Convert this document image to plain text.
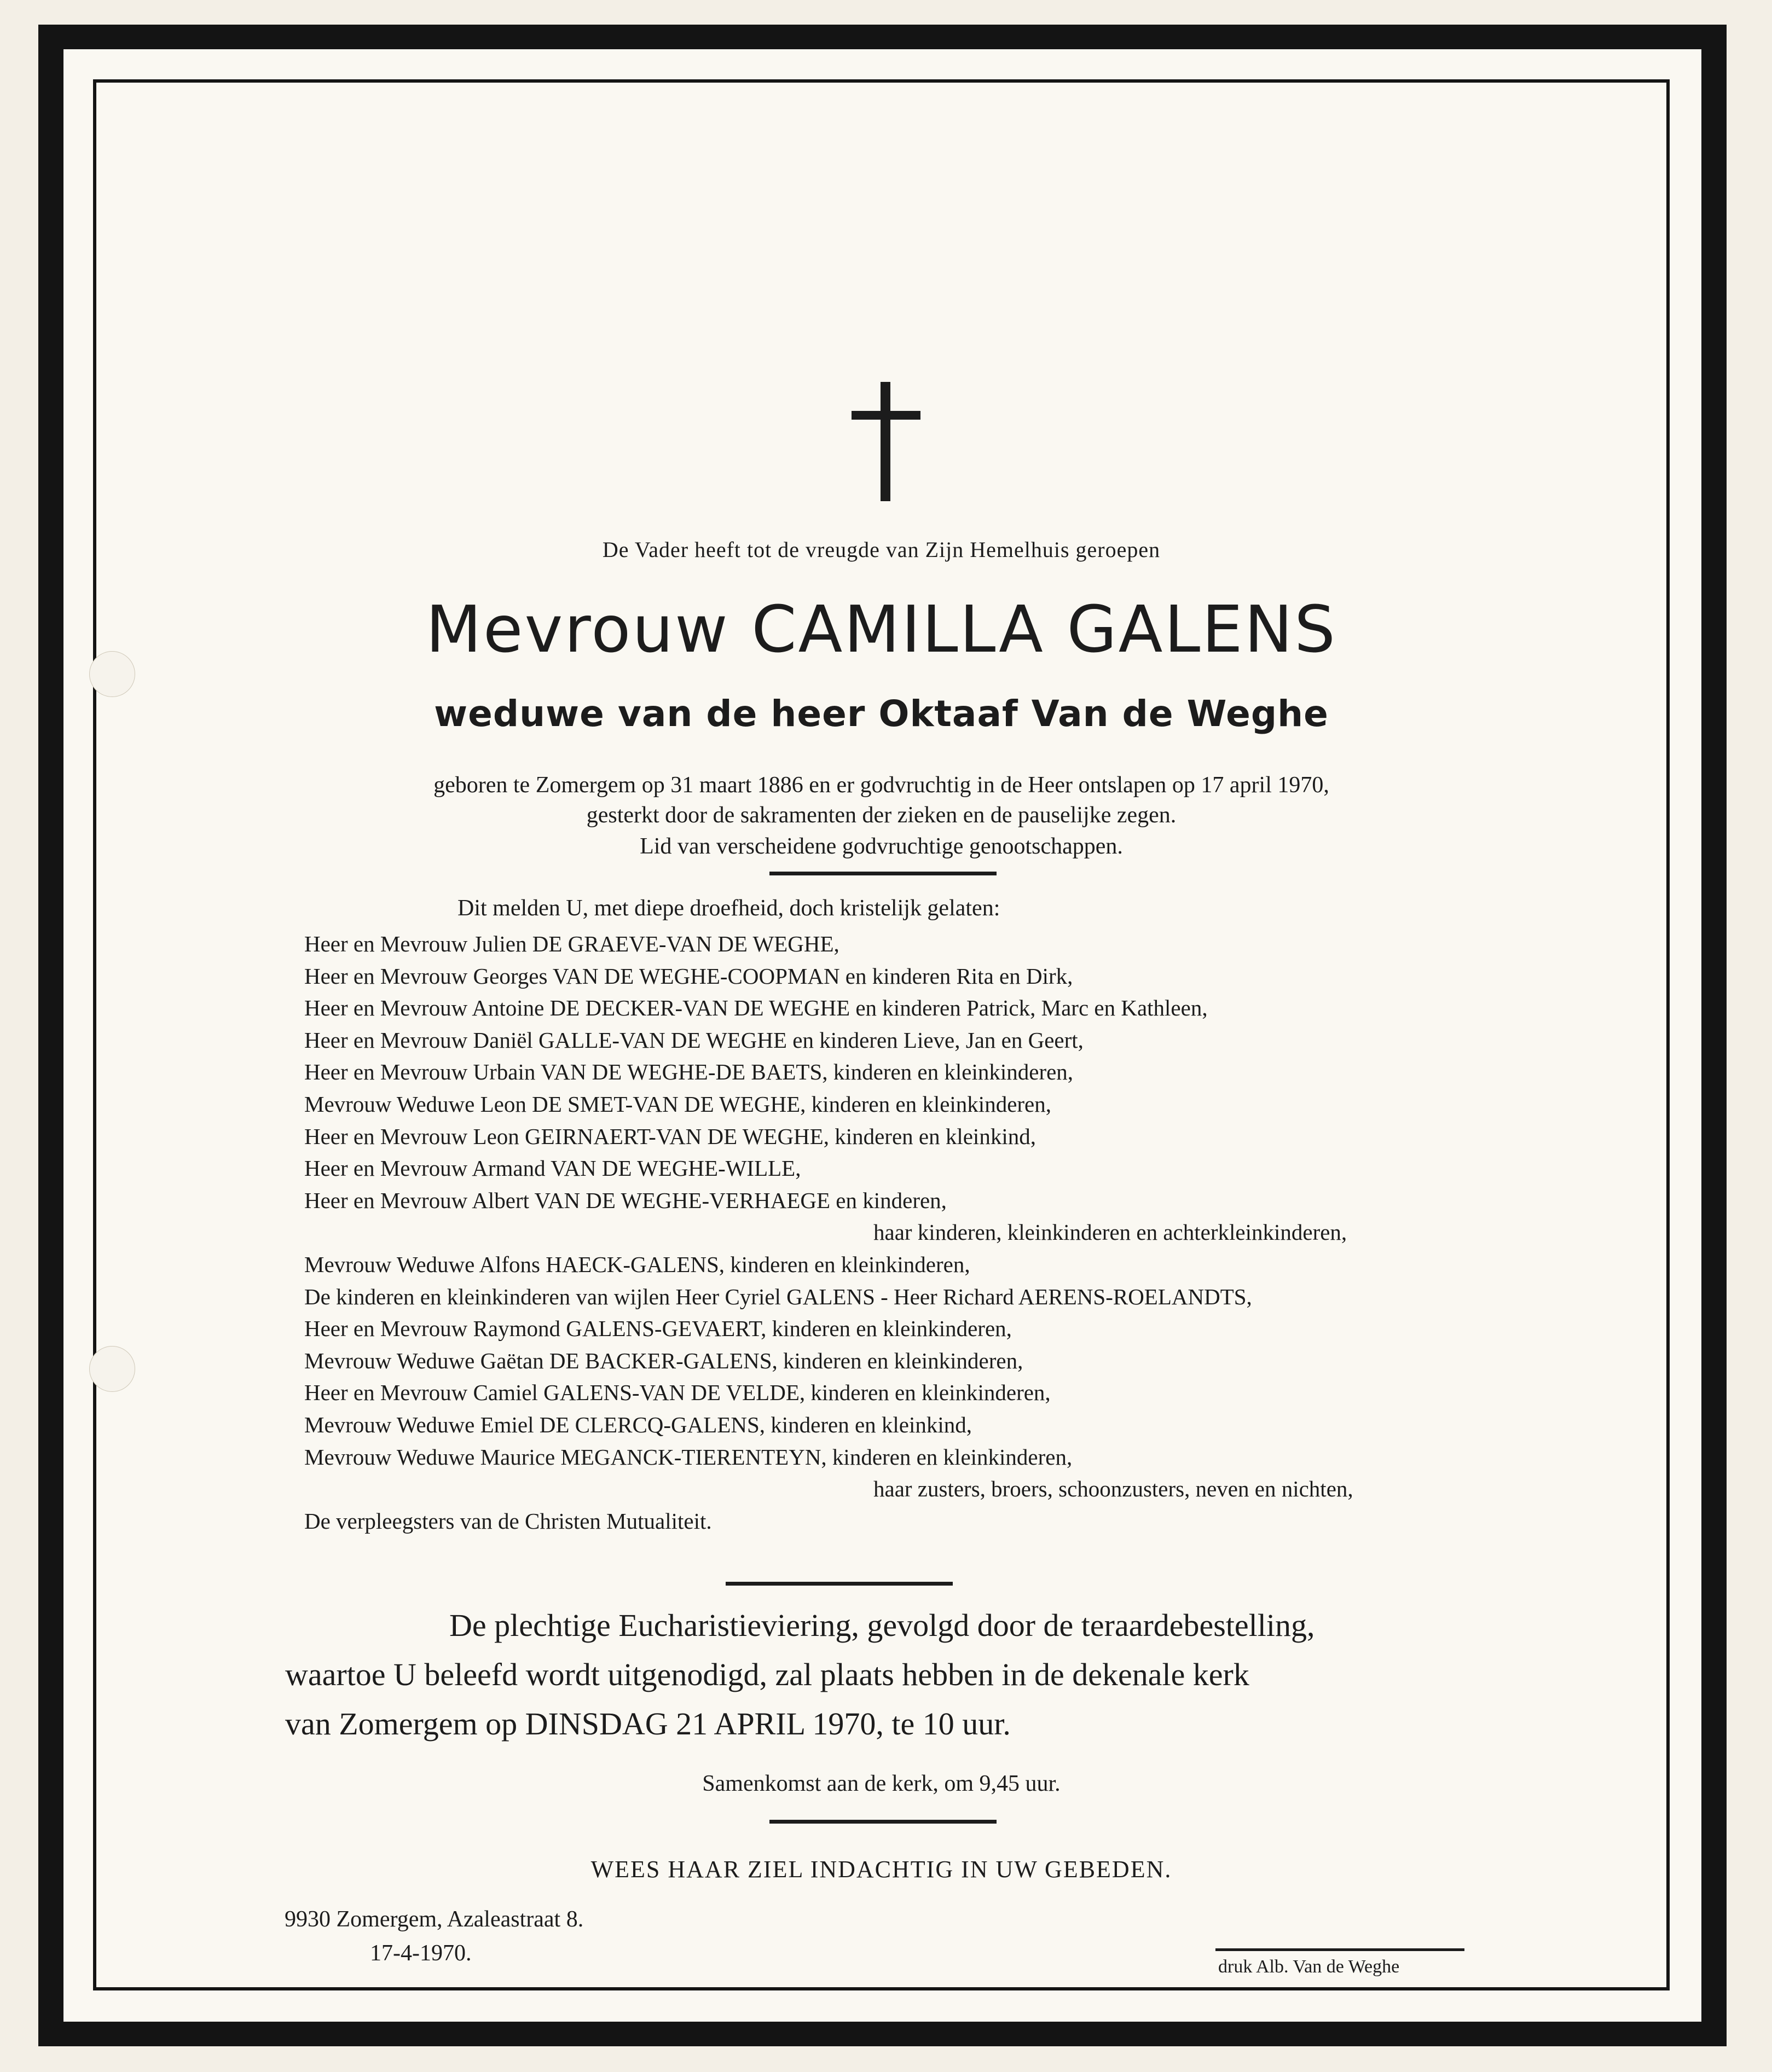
De Vader heeft tot de vreugde van Zijn Hemelhuis geroepen
Mevrouw CAMILLA GALENS
weduwe van de heer Oktaaf Van de Weghe
geboren te Zomergem op 31 maart 1886 en er godvruchtig in de Heer ontslapen op 17 april 1970,
gesterkt door de sakramenten der zieken en de pauselijke zegen.
Lid van verscheidene godvruchtige genootschappen.
Dit melden U, met diepe droefheid, doch kristelijk gelaten:
Heer en Mevrouw Julien DE GRAEVE-VAN DE WEGHE,
Heer en Mevrouw Georges VAN DE WEGHE-COOPMAN en kinderen Rita en Dirk,
Heer en Mevrouw Antoine DE DECKER-VAN DE WEGHE en kinderen Patrick, Marc en Kathleen,
Heer en Mevrouw Daniël GALLE-VAN DE WEGHE en kinderen Lieve, Jan en Geert,
Heer en Mevrouw Urbain VAN DE WEGHE-DE BAETS, kinderen en kleinkinderen,
Mevrouw Weduwe Leon DE SMET-VAN DE WEGHE, kinderen en kleinkinderen,
Heer en Mevrouw Leon GEIRNAERT-VAN DE WEGHE, kinderen en kleinkind,
Heer en Mevrouw Armand VAN DE WEGHE-WILLE,
Heer en Mevrouw Albert VAN DE WEGHE-VERHAEGE en kinderen,
haar kinderen, kleinkinderen en achterkleinkinderen,
Mevrouw Weduwe Alfons HAECK-GALENS, kinderen en kleinkinderen,
De kinderen en kleinkinderen van wijlen Heer Cyriel GALENS - Heer Richard AERENS-ROELANDTS,
Heer en Mevrouw Raymond GALENS-GEVAERT, kinderen en kleinkinderen,
Mevrouw Weduwe Gaëtan DE BACKER-GALENS, kinderen en kleinkinderen,
Heer en Mevrouw Camiel GALENS-VAN DE VELDE, kinderen en kleinkinderen,
Mevrouw Weduwe Emiel DE CLERCQ-GALENS, kinderen en kleinkind,
Mevrouw Weduwe Maurice MEGANCK-TIERENTEYN, kinderen en kleinkinderen,
haar zusters, broers, schoonzusters, neven en nichten,
De verpleegsters van de Christen Mutualiteit.
De plechtige Eucharistieviering, gevolgd door de teraardebestelling,
waartoe U beleefd wordt uitgenodigd, zal plaats hebben in de dekenale kerk
van Zomergem op DINSDAG 21 APRIL 1970, te 10 uur.
Samenkomst aan de kerk, om 9,45 uur.
WEES HAAR ZIEL INDACHTIG IN UW GEBEDEN.
9930 Zomergem, Azaleastraat 8.
17-4-1970.
druk Alb. Van de Weghe
